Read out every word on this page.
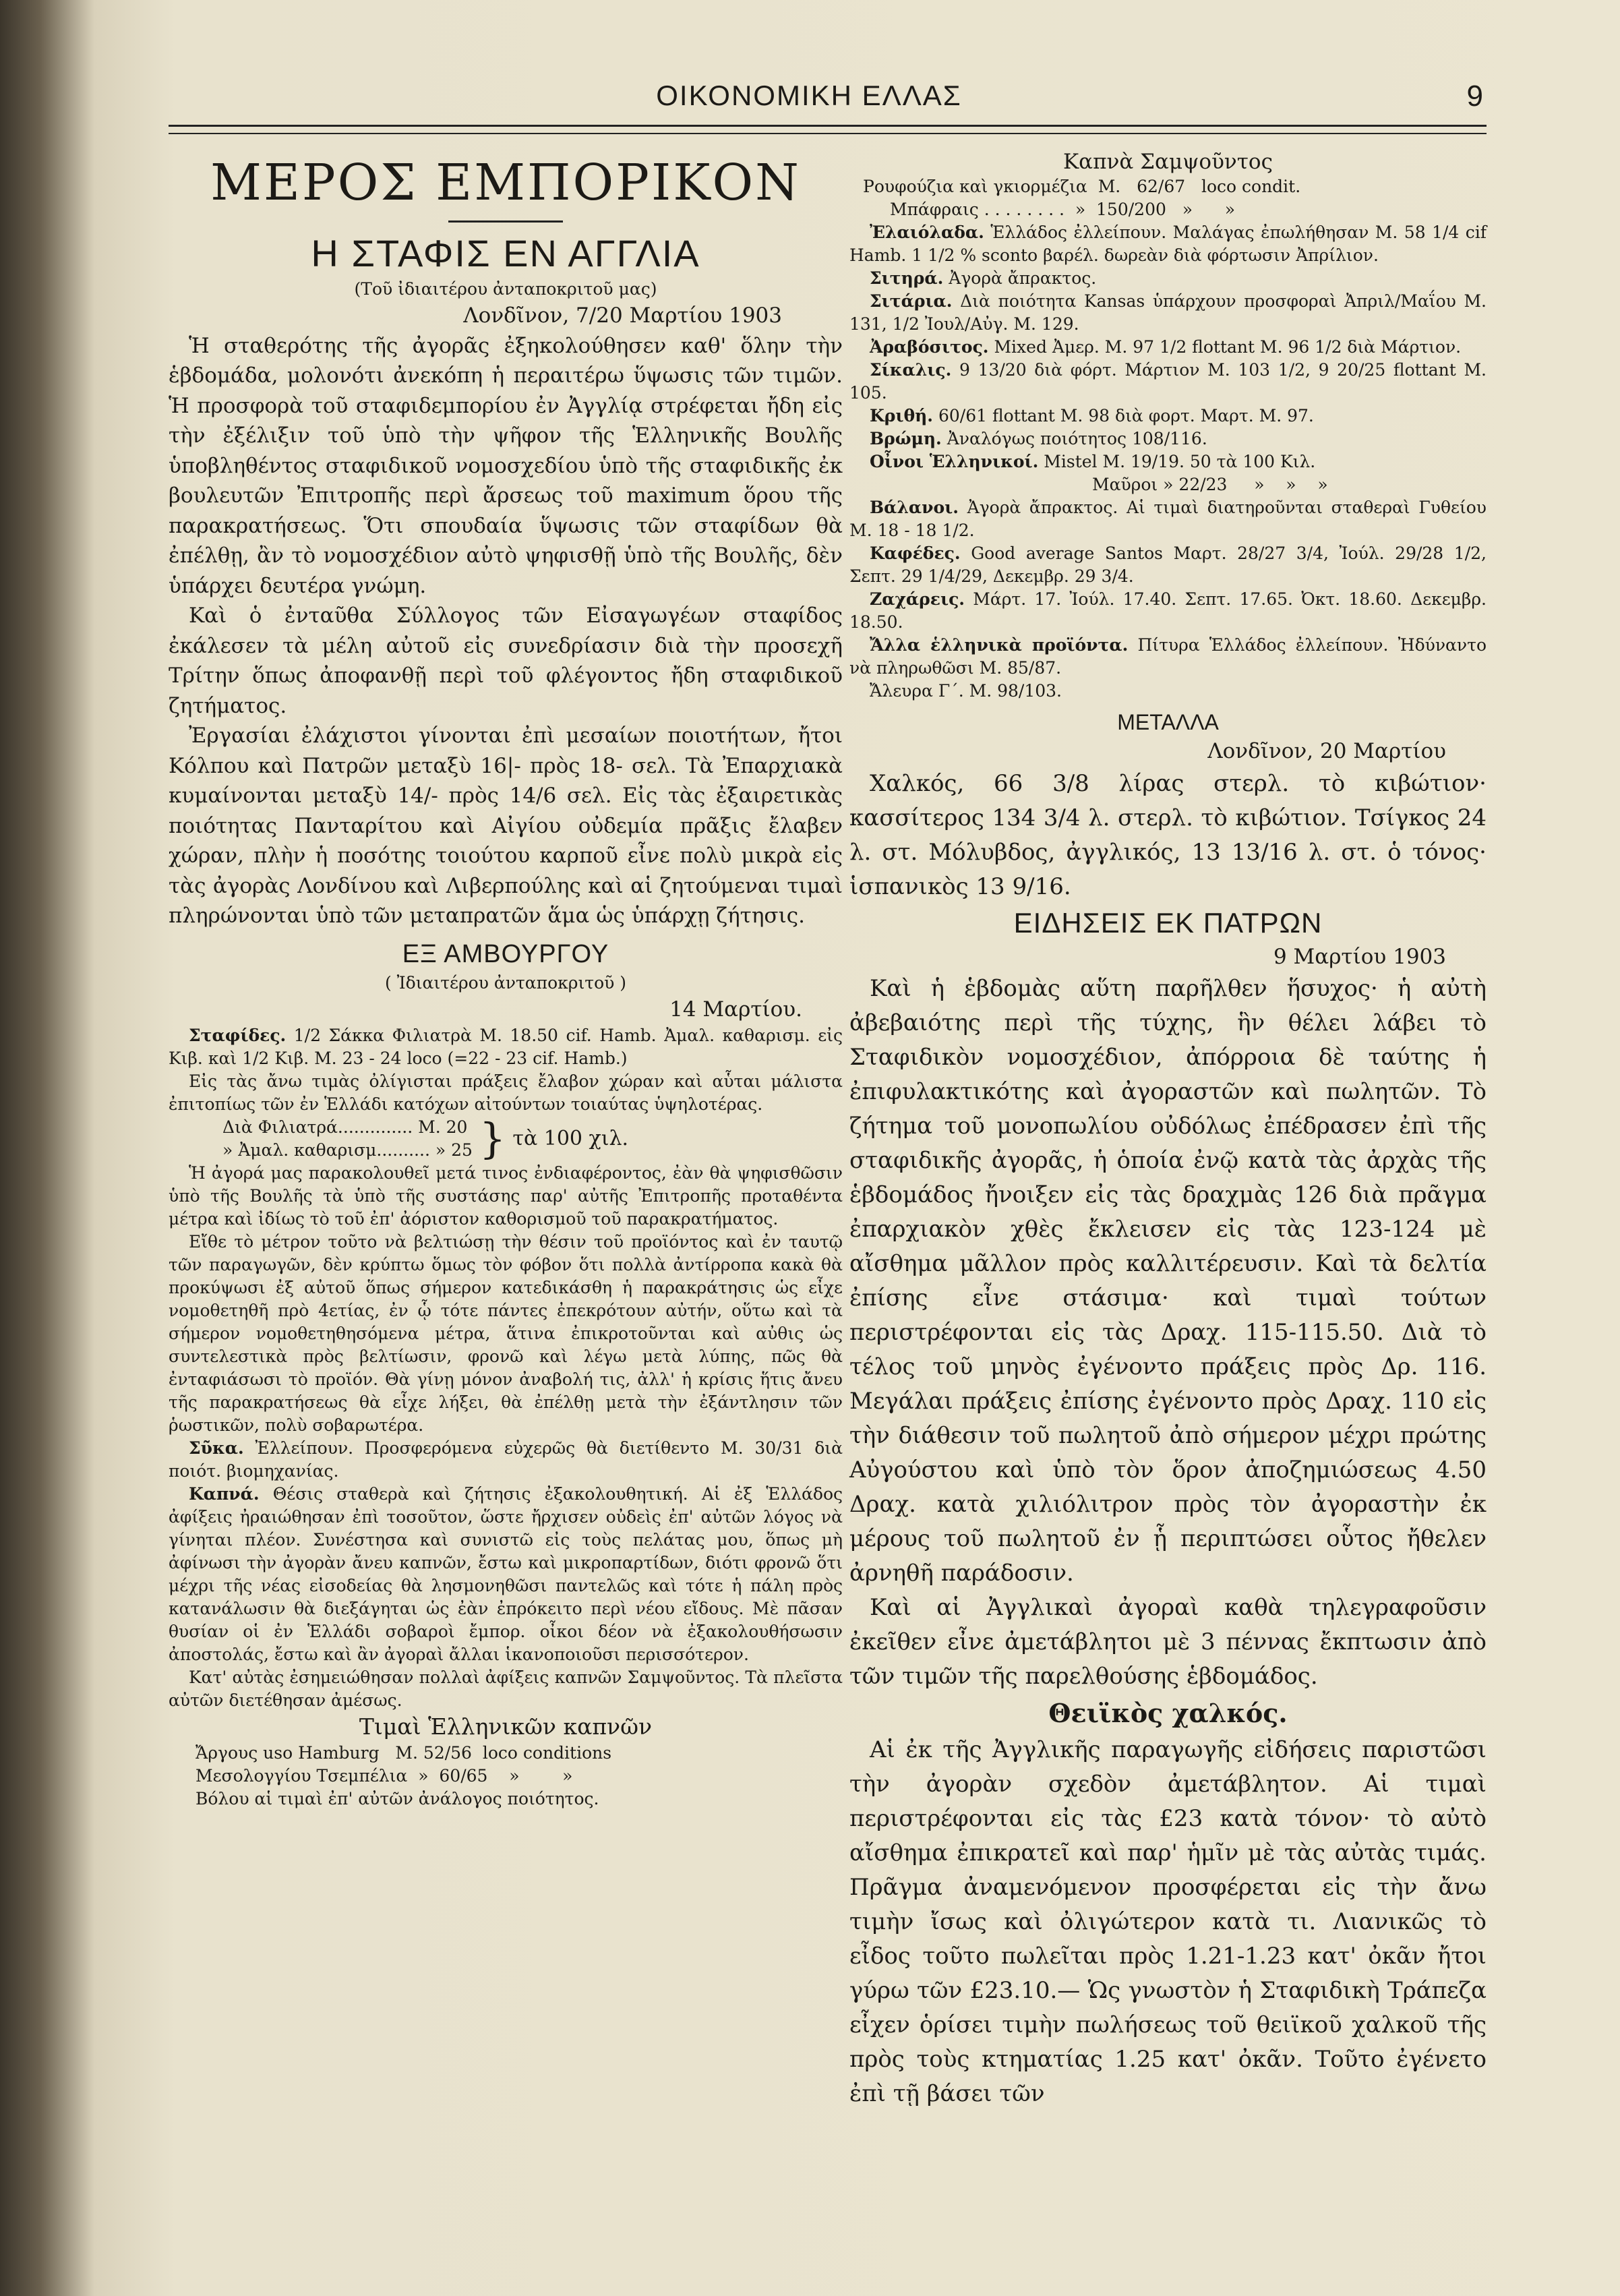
ΟΙΚΟΝΟΜΙΚΗ ΕΛΛΑΣ	9
ΜΕΡΟΣ ΕΜΠΟΡΙΚΟΝ
Η ΣΤΑΦΙΣ ΕΝ ΑΓΓΛΙΑ
(Τοῦ ἰδιαιτέρου ἀνταποκριτοῦ μας)
Λονδῖνον, 7/20 Μαρτίου 1903

Ἡ σταθερότης τῆς ἀγορᾶς ἐξηκολούθησεν καθ' ὅλην τὴν ἑβδομάδα, μολονότι ἀνεκόπη ἡ περαιτέρω ὕψωσις τῶν τιμῶν. Ἡ προσφορὰ τοῦ σταφιδεμπορίου ἐν Ἀγγλίᾳ στρέφεται ἤδη εἰς τὴν ἐξέλιξιν τοῦ ὑπὸ τὴν ψῆφον τῆς Ἑλληνικῆς Βουλῆς ὑποβληθέντος σταφιδικοῦ νομοσχεδίου ὑπὸ τῆς σταφιδικῆς ἐκ βουλευτῶν Ἐπιτροπῆς περὶ ἄρσεως τοῦ maximum ὅρου τῆς παρακρατήσεως. Ὅτι σπουδαία ὕψωσις τῶν σταφίδων θὰ ἐπέλθῃ, ἂν τὸ νομοσχέδιον αὐτὸ ψηφισθῇ ὑπὸ τῆς Βουλῆς, δὲν ὑπάρχει δευτέρα γνώμη.

Καὶ ὁ ἐνταῦθα Σύλλογος τῶν Εἰσαγωγέων σταφίδος ἐκάλεσεν τὰ μέλη αὐτοῦ εἰς συνεδρίασιν διὰ τὴν προσεχῆ Τρίτην ὅπως ἀποφανθῇ περὶ τοῦ φλέγοντος ἤδη σταφιδικοῦ ζητήματος.

Ἐργασίαι ἐλάχιστοι γίνονται ἐπὶ μεσαίων ποιοτήτων, ἤτοι Κόλπου καὶ Πατρῶν μεταξὺ 16|- πρὸς 18- σελ. Τὰ Ἐπαρχιακὰ κυμαίνονται μεταξὺ 14/- πρὸς 14/6 σελ. Εἰς τὰς ἐξαιρετικὰς ποιότητας Πανταρίτου καὶ Αἰγίου οὐδεμία πρᾶξις ἔλαβεν χώραν, πλὴν ἡ ποσότης τοιούτου καρποῦ εἶνε πολὺ μικρὰ εἰς τὰς ἀγορὰς Λονδίνου καὶ Λιβερπούλης καὶ αἱ ζητούμεναι τιμαὶ πληρώνονται ὑπὸ τῶν μεταπρατῶν ἅμα ὡς ὑπάρχῃ ζήτησις.

ΕΞ ΑΜΒΟΥΡΓΟΥ
( Ἰδιαιτέρου ἀνταποκριτοῦ )
14 Μαρτίου.
Σταφίδες. 1/2 Σάκκα Φιλιατρὰ Μ. 18.50 cif. Hamb. Ἀμαλ. καθαρισμ. εἰς Κιβ. καὶ 1/2 Κιβ. Μ. 23 - 24 loco (=22 - 23 cif. Hamb.)
Εἰς τὰς ἄνω τιμὰς ὀλίγισται πράξεις ἔλαβον χώραν καὶ αὗται μάλιστα ἐπιτοπίως τῶν ἐν Ἑλλάδι κατόχων αἰτούντων τοιαύτας ὑψηλοτέρας.
Διὰ Φιλιατρά.............. Μ. 20
» Ἀμαλ. καθαρισμ.......... » 25 } τὰ 100 χιλ.
Ἡ ἀγορά μας παρακολουθεῖ μετά τινος ἐνδιαφέροντος, ἐὰν θὰ ψηφισθῶσιν ὑπὸ τῆς Βουλῆς τὰ ὑπὸ τῆς συστάσης παρ' αὐτῆς Ἐπιτροπῆς προταθέντα μέτρα καὶ ἰδίως τὸ τοῦ ἐπ' ἀόριστον καθορισμοῦ τοῦ παρακρατήματος.
Εἴθε τὸ μέτρον τοῦτο νὰ βελτιώσῃ τὴν θέσιν τοῦ προϊόντος καὶ ἐν ταυτῷ τῶν παραγωγῶν, δὲν κρύπτω ὅμως τὸν φόβον ὅτι πολλὰ ἀντίρροπα κακὰ θὰ προκύψωσι ἐξ αὐτοῦ ὅπως σήμερον κατεδικάσθη ἡ παρακράτησις ὡς εἶχε νομοθετηθῆ πρὸ 4ετίας, ἐν ᾧ τότε πάντες ἐπεκρότουν αὐτήν, οὕτω καὶ τὰ σήμερον νομοθετηθησόμενα μέτρα, ἅτινα ἐπικροτοῦνται καὶ αὐθις ὡς συντελεστικὰ πρὸς βελτίωσιν, φρονῶ καὶ λέγω μετὰ λύπης, πῶς θὰ ἐνταφιάσωσι τὸ προϊόν. Θὰ γίνῃ μόνον ἀναβολή τις, ἀλλ' ἡ κρίσις ἥτις ἄνευ τῆς παρακρατήσεως θὰ εἶχε λήξει, θὰ ἐπέλθῃ μετὰ τὴν ἐξάντλησιν τῶν ῥωστικῶν, πολὺ σοβαρωτέρα.
Σῦκα. Ἐλλείπουν. Προσφερόμενα εὐχερῶς θὰ διετίθεντο Μ. 30/31 διὰ ποιότ. βιομηχανίας.
Καπνά. Θέσις σταθερὰ καὶ ζήτησις ἐξακολουθητική. Αἱ ἐξ Ἑλλάδος ἀφίξεις ἠραιώθησαν ἐπὶ τοσοῦτον, ὥστε ἤρχισεν οὐδεὶς ἐπ' αὐτῶν λόγος νὰ γίνηται πλέον. Συνέστησα καὶ συνιστῶ εἰς τοὺς πελάτας μου, ὅπως μὴ ἀφίνωσι τὴν ἀγορὰν ἄνευ καπνῶν, ἔστω καὶ μικροπαρτίδων, διότι φρονῶ ὅτι μέχρι τῆς νέας εἰσοδείας θὰ λησμονηθῶσι παντελῶς καὶ τότε ἡ πάλη πρὸς κατανάλωσιν θὰ διεξάγηται ὡς ἐὰν ἐπρόκειτο περὶ νέου εἴδους. Μὲ πᾶσαν θυσίαν οἱ ἐν Ἑλλάδι σοβαροὶ ἔμπορ. οἶκοι δέον νὰ ἐξακολουθήσωσιν ἀποστολάς, ἔστω καὶ ἂν ἀγοραὶ ἄλλαι ἱκανοποιοῦσι περισσότερον.
Κατ' αὐτὰς ἐσημειώθησαν πολλαὶ ἀφίξεις καπνῶν Σαμψοῦντος. Τὰ πλεῖστα αὐτῶν διετέθησαν ἀμέσως.
Τιμαὶ Ἑλληνικῶν καπνῶν
Ἄργους uso Hamburg   Μ. 52/56  loco conditions
Μεσολογγίου Τσεμπέλια  »  60/65    »        »
Βόλου αἱ τιμαὶ ἐπ' αὐτῶν ἀνάλογος ποιότητος.
Καπνὰ Σαμψοῦντος
Ρουφούζια καὶ γκιορμέζια  Μ.   62/67   loco condit.
Μπάφραις . . . . . . . .  »  150/200   »      »
Ἐλαιόλαδα. Ἑλλάδος ἐλλείπουν. Μαλάγας ἐπωλήθησαν Μ. 58 1/4 cif Hamb. 1 1/2 % sconto βαρέλ. δωρεὰν διὰ φόρτωσιν Ἀπρίλιον.
Σιτηρά. Ἀγορὰ ἄπρακτος.
Σιτάρια. Διὰ ποιότητα Kansas ὑπάρχουν προσφοραὶ Ἀπριλ/Μαΐου Μ. 131, 1/2 Ἰουλ/Αὐγ. Μ. 129.
Ἀραβόσιτος. Mixed Ἀμερ. Μ. 97 1/2 flottant Μ. 96 1/2 διὰ Μάρτιον.
Σίκαλις. 9 13/20 διὰ φόρτ. Μάρτιον Μ. 103 1/2, 9 20/25 flottant Μ. 105.
Κριθή. 60/61 flottant Μ. 98 διὰ φορτ. Μαρτ. Μ. 97.
Βρώμη. Ἀναλόγως ποιότητος 108/116.
Οἶνοι Ἑλληνικοί. Mistel Μ. 19/19. 50 τὰ 100 Κιλ.
Μαῦροι » 22/23     »    »    »
Βάλανοι. Ἀγορὰ ἄπρακτος. Αἱ τιμαὶ διατηροῦνται σταθεραὶ Γυθείου Μ. 18 - 18 1/2.
Καφέδες. Good average Santos Μαρτ. 28/27 3/4, Ἰούλ. 29/28 1/2, Σεπτ. 29 1/4/29, Δεκεμβρ. 29 3/4.
Ζαχάρεις. Μάρτ. 17. Ἰούλ. 17.40. Σεπτ. 17.65. Ὀκτ. 18.60. Δεκεμβρ. 18.50.
Ἄλλα ἑλληνικὰ προϊόντα. Πίτυρα Ἑλλάδος ἐλλείπουν. Ἠδύναντο νὰ πληρωθῶσι Μ. 85/87.
Ἄλευρα Γ΄. Μ. 98/103.
ΜΕΤΑΛΛΑ
Λονδῖνον, 20 Μαρτίου

Χαλκός, 66 3/8 λίρας στερλ. τὸ κιβώτιον· κασσίτερος 134 3/4 λ. στερλ. τὸ κιβώτιον. Τσίγκος 24 λ. στ. Μόλυβδος, ἀγγλικός, 13 13/16 λ. στ. ὁ τόνος· ἱσπανικὸς 13 9/16.

ΕΙΔΗΣΕΙΣ ΕΚ ΠΑΤΡΩΝ
9 Μαρτίου 1903

Καὶ ἡ ἑβδομὰς αὕτη παρῆλθεν ἥσυχος· ἡ αὐτὴ ἀβεβαιότης περὶ τῆς τύχης, ἣν θέλει λάβει τὸ Σταφιδικὸν νομοσχέδιον, ἀπόρροια δὲ ταύτης ἡ ἐπιφυλακτικότης καὶ ἀγοραστῶν καὶ πωλητῶν. Τὸ ζήτημα τοῦ μονοπωλίου οὐδόλως ἐπέδρασεν ἐπὶ τῆς σταφιδικῆς ἀγορᾶς, ἡ ὁποία ἐνῷ κατὰ τὰς ἀρχὰς τῆς ἑβδομάδος ἤνοιξεν εἰς τὰς δραχμὰς 126 διὰ πρᾶγμα ἐπαρχιακὸν χθὲς ἔκλεισεν εἰς τὰς 123-124 μὲ αἴσθημα μᾶλλον πρὸς καλλιτέρευσιν. Καὶ τὰ δελτία ἐπίσης εἶνε στάσιμα· καὶ τιμαὶ τούτων περιστρέφονται εἰς τὰς Δραχ. 115-115.50. Διὰ τὸ τέλος τοῦ μηνὸς ἐγένοντο πράξεις πρὸς Δρ. 116. Μεγάλαι πράξεις ἐπίσης ἐγένοντο πρὸς Δραχ. 110 εἰς τὴν διάθεσιν τοῦ πωλητοῦ ἀπὸ σήμερον μέχρι πρώτης Αὐγούστου καὶ ὑπὸ τὸν ὅρον ἀποζημιώσεως 4.50 Δραχ. κατὰ χιλιόλιτρον πρὸς τὸν ἀγοραστὴν ἐκ μέρους τοῦ πωλητοῦ ἐν ᾗ περιπτώσει οὗτος ἤθελεν ἀρνηθῆ παράδοσιν.

Καὶ αἱ Ἀγγλικαὶ ἀγοραὶ καθὰ τηλεγραφοῦσιν ἐκεῖθεν εἶνε ἀμετάβλητοι μὲ 3 πέννας ἔκπτωσιν ἀπὸ τῶν τιμῶν τῆς παρελθούσης ἑβδομάδος.

Θειϊκὸς χαλκός.

Αἱ ἐκ τῆς Ἀγγλικῆς παραγωγῆς εἰδήσεις παριστῶσι τὴν ἀγορὰν σχεδὸν ἀμετάβλητον. Αἱ τιμαὶ περιστρέφονται εἰς τὰς £23 κατὰ τόνον· τὸ αὐτὸ αἴσθημα ἐπικρατεῖ καὶ παρ' ἡμῖν μὲ τὰς αὐτὰς τιμάς. Πρᾶγμα ἀναμενόμενον προσφέρεται εἰς τὴν ἄνω τιμὴν ἴσως καὶ ὀλιγώτερον κατὰ τι. Λιανικῶς τὸ εἶδος τοῦτο πωλεῖται πρὸς 1.21-1.23 κατ' ὀκᾶν ἤτοι γύρω τῶν £23.10.— Ὡς γνωστὸν ἡ Σταφιδικὴ Τράπεζα εἶχεν ὁρίσει τιμὴν πωλήσεως τοῦ θειϊκοῦ χαλκοῦ τῆς πρὸς τοὺς κτηματίας 1.25 κατ' ὀκᾶν. Τοῦτο ἐγένετο ἐπὶ τῇ βάσει τῶν
